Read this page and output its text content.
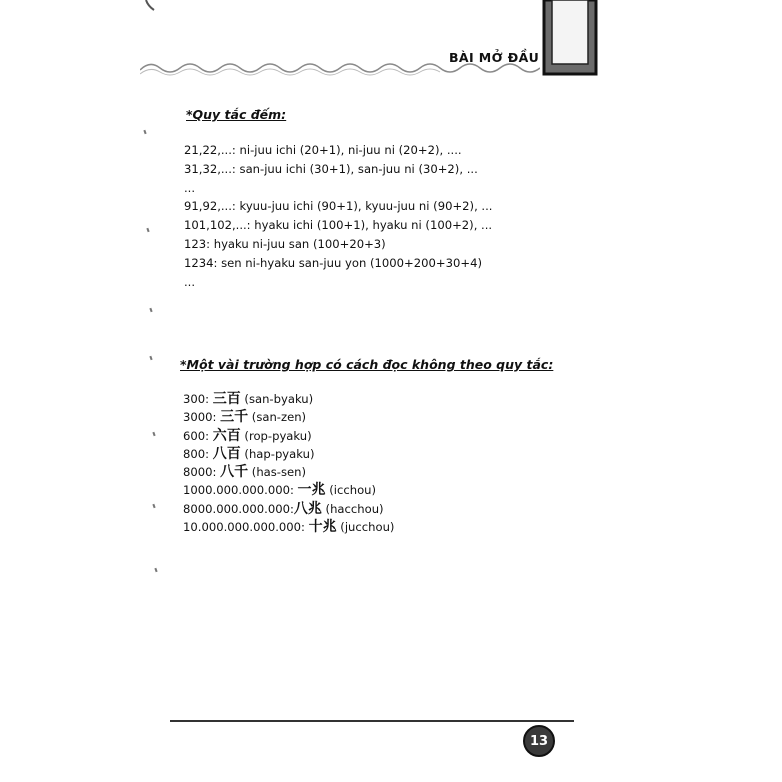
BÀI MỞ ĐẦU
*Quy tắc đếm:
21,22,...: ni-juu ichi (20+1), ni-juu ni (20+2), ....
31,32,...: san-juu ichi (30+1), san-juu ni (30+2), ...
...
91,92,...: kyuu-juu ichi (90+1), kyuu-juu ni (90+2), ...
101,102,...: hyaku ichi (100+1), hyaku ni (100+2), ...
123: hyaku ni-juu san (100+20+3)
1234: sen ni-hyaku san-juu yon (1000+200+30+4)
...
*Một vài trường hợp có cách đọc không theo quy tắc:
300: 三百 (san-byaku)
3000: 三千 (san-zen)
600: 六百 (rop-pyaku)
800: 八百 (hap-pyaku)
8000: 八千 (has-sen)
1000.000.000.000: 一兆 (icchou)
8000.000.000.000:八兆 (hacchou)
10.000.000.000.000: 十兆 (jucchou)
13
